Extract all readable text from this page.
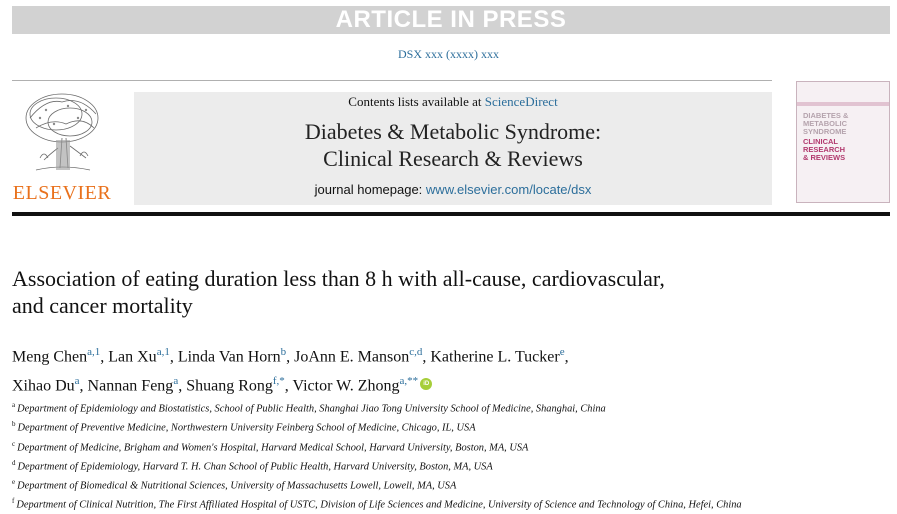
ARTICLE IN PRESS
DSX xxx (xxxx) xxx
ELSEVIER
Contents lists available at ScienceDirect
Diabetes & Metabolic Syndrome:
Clinical Research & Reviews
journal homepage: www.elsevier.com/locate/dsx
DIABETES &
METABOLIC
SYNDROME
CLINICAL
RESEARCH
& REVIEWS
Association of eating duration less than 8 h with all-cause, cardiovascular,
and cancer mortality
Meng Chen$^{a,1}$, Lan Xu$^{a,1}$, Linda Van Horn$^b$, JoAnn E. Manson$^{c,d}$, Katherine L. Tucker$^e$,
Xihao Du$^a$, Nannan Feng$^a$, Shuang Rong$^{f,*}$, Victor W. Zhong$^{a,**}$iD
$^a$ Department of Epidemiology and Biostatistics, School of Public Health, Shanghai Jiao Tong University School of Medicine, Shanghai, China
$^b$ Department of Preventive Medicine, Northwestern University Feinberg School of Medicine, Chicago, IL, USA
$^c$ Department of Medicine, Brigham and Women's Hospital, Harvard Medical School, Harvard University, Boston, MA, USA
$^d$ Department of Epidemiology, Harvard T. H. Chan School of Public Health, Harvard University, Boston, MA, USA
$^e$ Department of Biomedical & Nutritional Sciences, University of Massachusetts Lowell, Lowell, MA, USA
$^f$ Department of Clinical Nutrition, The First Affiliated Hospital of USTC, Division of Life Sciences and Medicine, University of Science and Technology of China, Hefei, China
